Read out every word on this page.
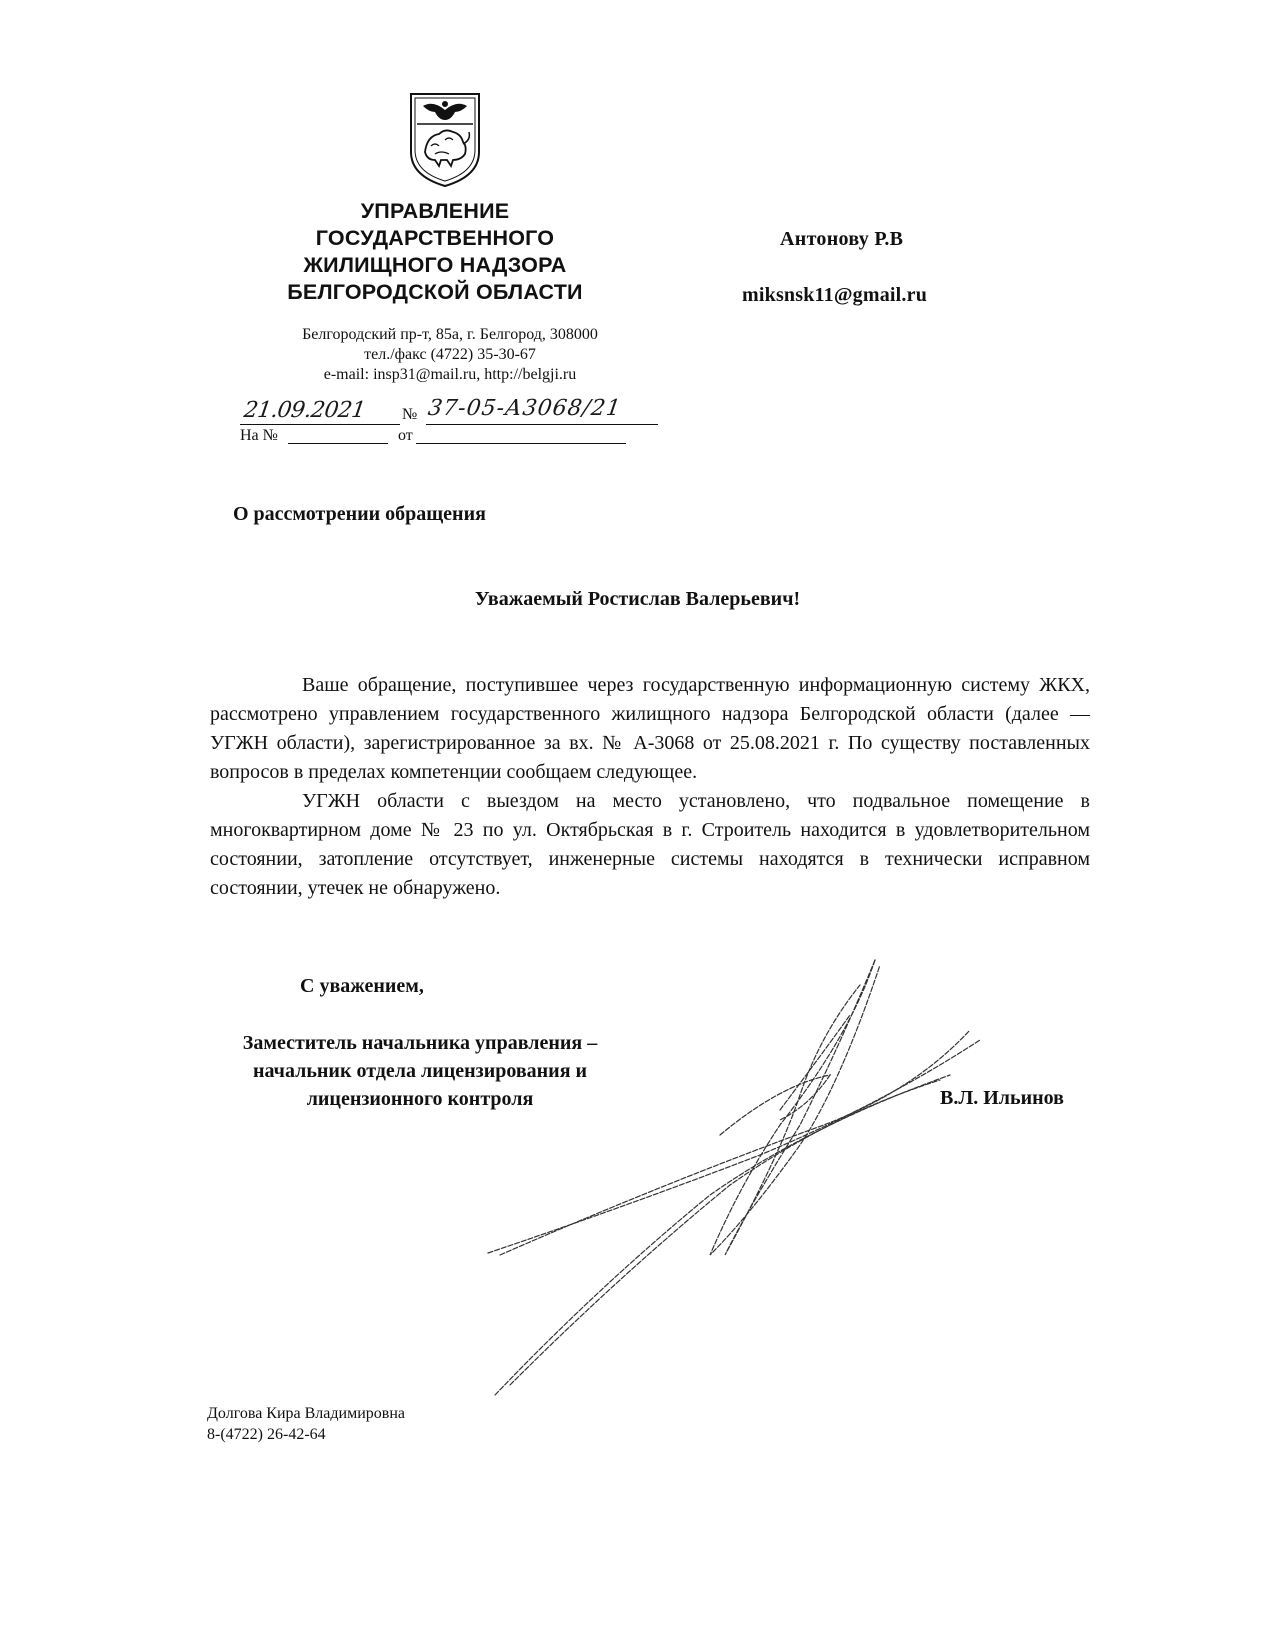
УПРАВЛЕНИЕ
ГОСУДАРСТВЕННОГО
ЖИЛИЩНОГО НАДЗОРА
БЕЛГОРОДСКОЙ ОБЛАСТИ
Белгородский пр-т, 85а, г. Белгород, 308000
тел./факс (4722) 35-30-67
e-mail: insp31@mail.ru, http://belgji.ru
21.09.2021	№ 37-05-А3068/21
На №	от
Антонову Р.В
miksnsk11@gmail.ru
О рассмотрении обращения
Уважаемый Ростислав Валерьевич!

Ваше обращение, поступившее через государственную информационную систему ЖКХ, рассмотрено управлением государственного жилищного надзора Белгородской области (далее — УГЖН области), зарегистрированное за вх. № А-3068 от 25.08.2021 г. По существу поставленных вопросов в пределах компетенции сообщаем следующее.

УГЖН области с выездом на место установлено, что подвальное помещение в многоквартирном доме № 23 по ул. Октябрьская в г. Строитель находится в удовлетворительном состоянии, затопление отсутствует, инженерные системы находятся в технически исправном состоянии, утечек не обнаружено.

С уважением,
Заместитель начальника управления –
начальник отдела лицензирования и
лицензионного контроля	В.Л. Ильинов
Долгова Кира Владимировна
8-(4722) 26-42-64
